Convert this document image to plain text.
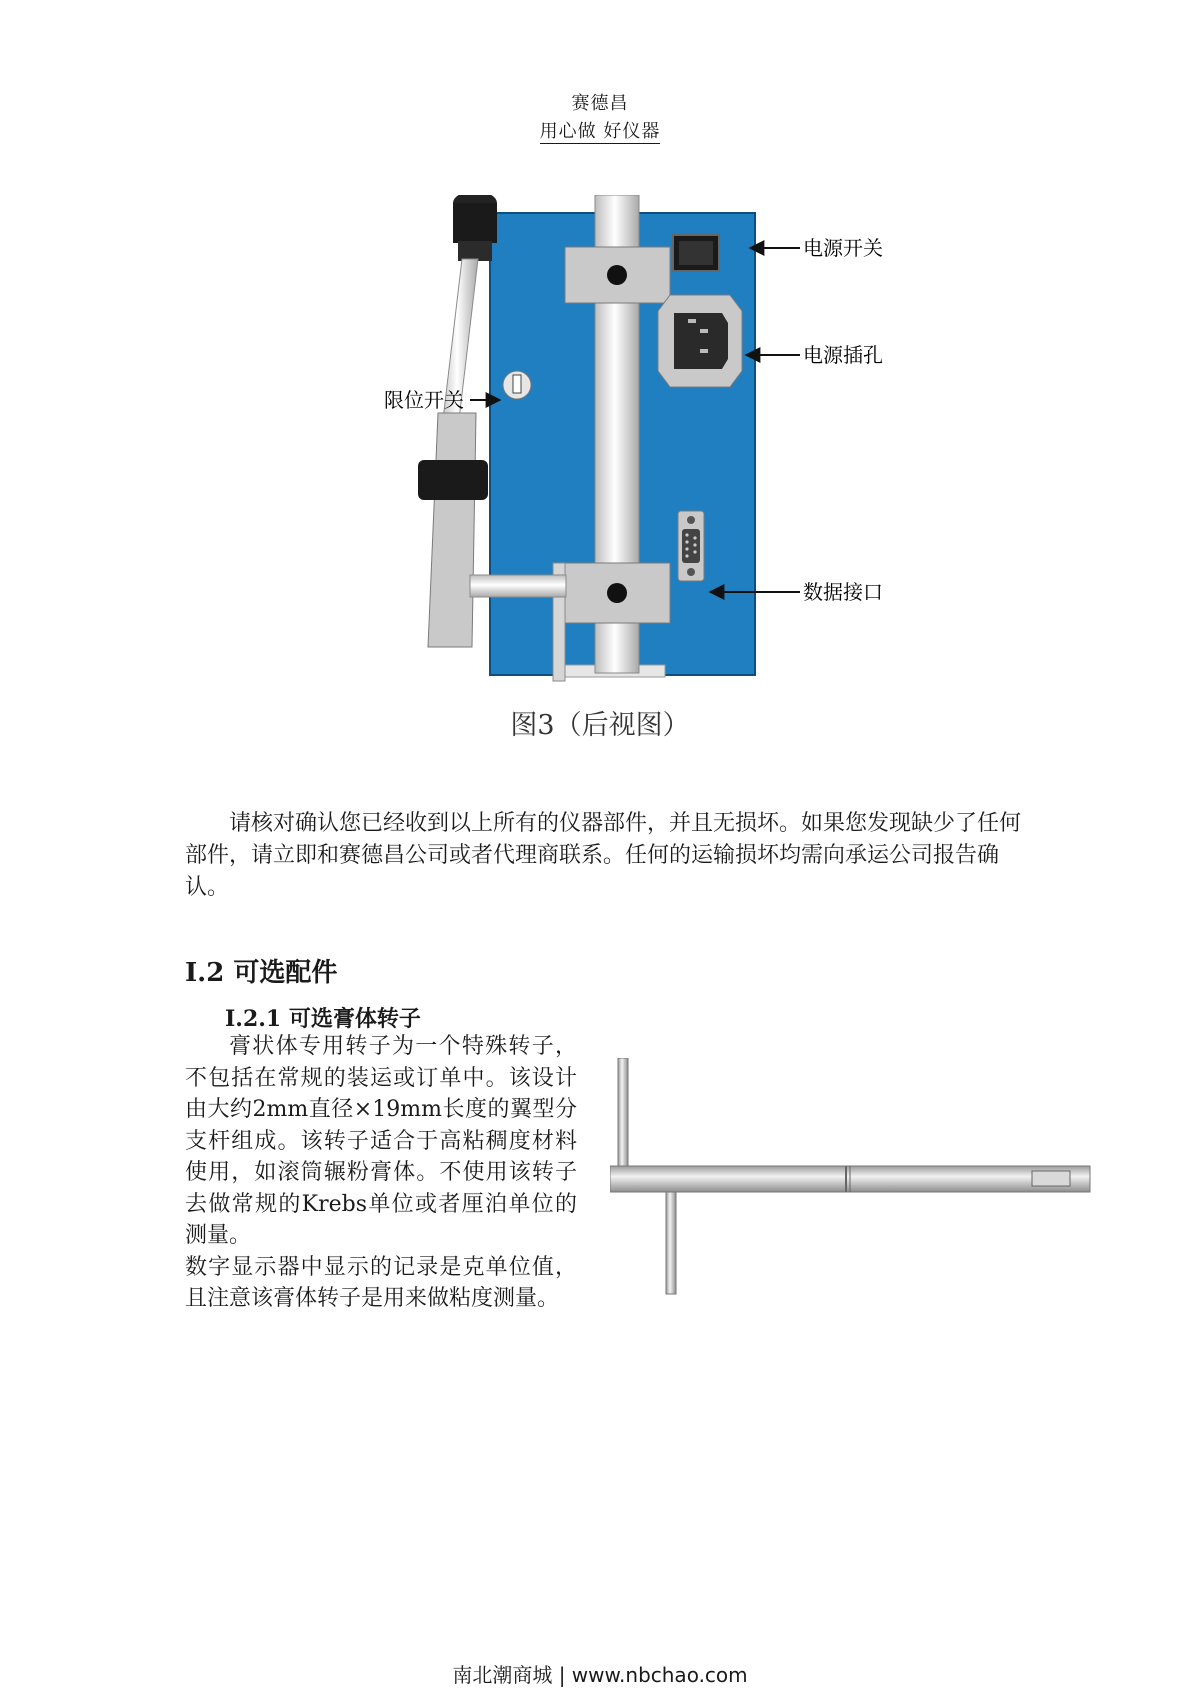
赛德昌
用心做 好仪器
电源开关
电源插孔
限位开关
数据接口
图3（后视图）
请核对确认您已经收到以上所有的仪器部件，并且无损坏。如果您发现缺少了任何部件，请立即和赛德昌公司或者代理商联系。任何的运输损坏均需向承运公司报告确认。
I.2 可选配件
I.2.1 可选膏体转子

膏状体专用转子为一个特殊转子，不包括在常规的装运或订单中。该设计由大约2mm直径×19mm长度的翼型分支杆组成。该转子适合于高粘稠度材料使用，如滚筒辗粉膏体。不使用该转子去做常规的Krebs单位或者厘泊单位的测量。

数字显示器中显示的记录是克单位值，且注意该膏体转子是用来做粘度测量。

南北潮商城 | www.nbchao.com
